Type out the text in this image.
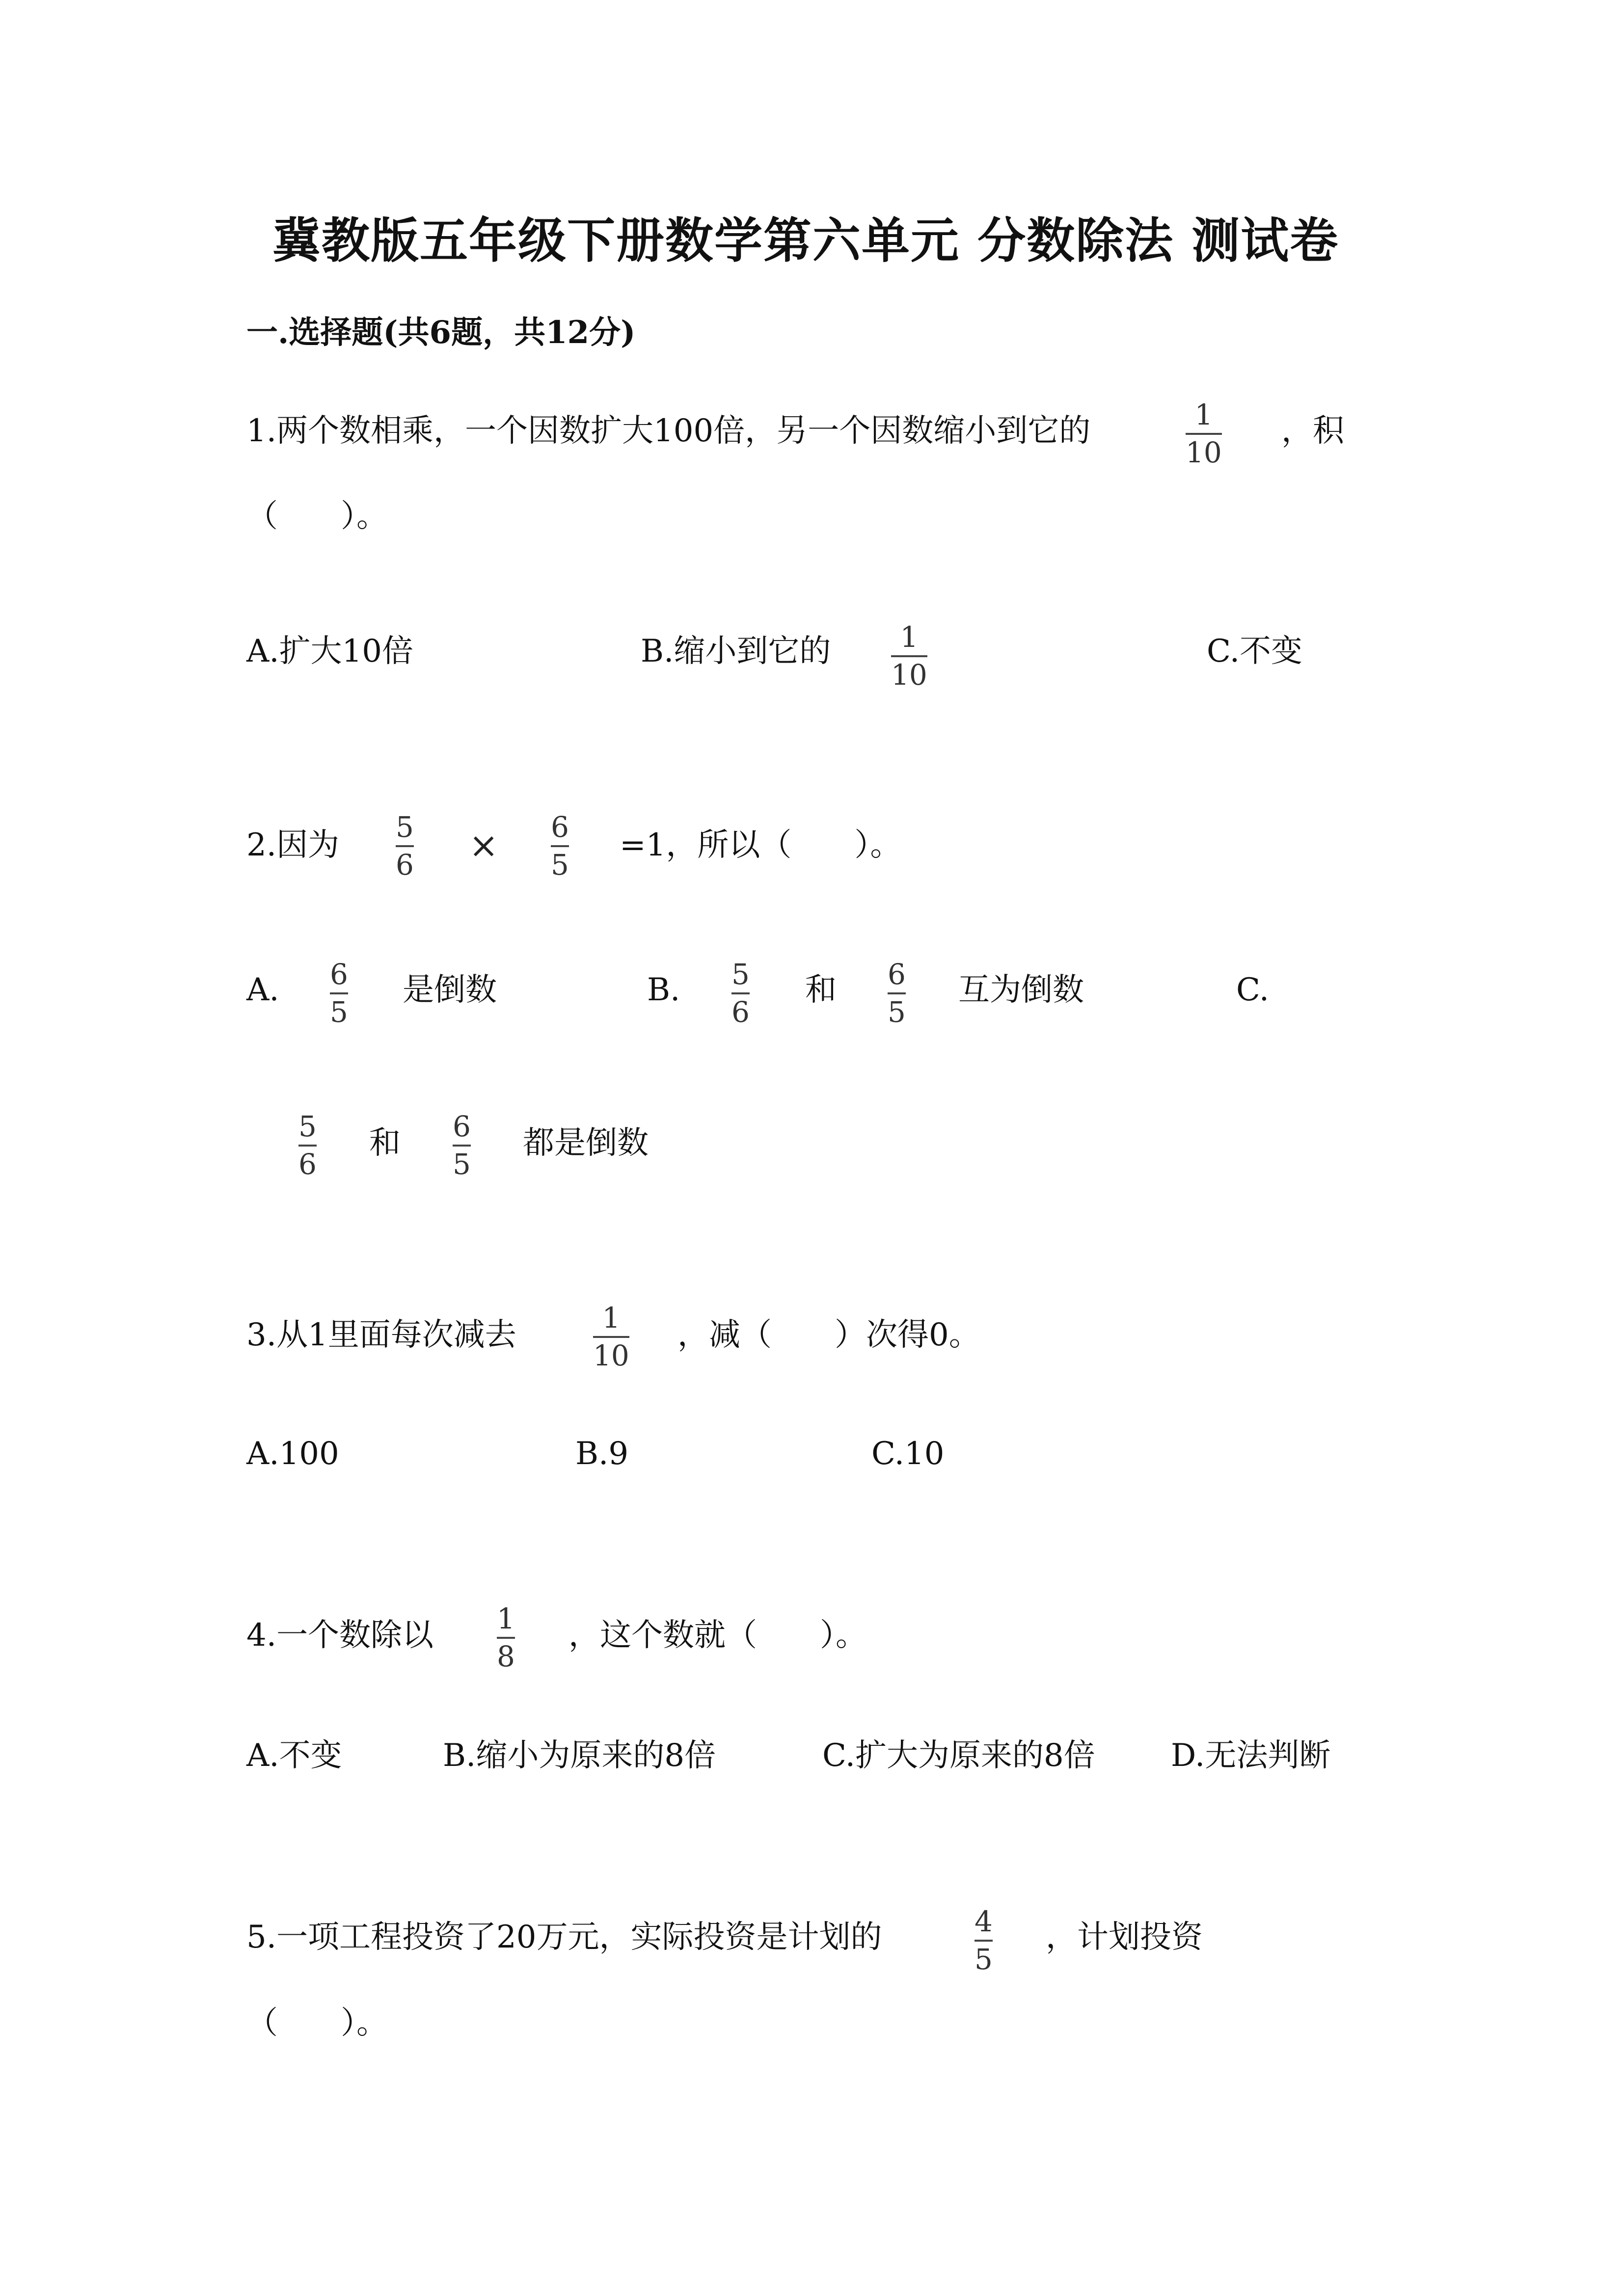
冀教版五年级下册数学第六单元 分数除法 测试卷
一.选择题(共6题，共12分)
1.两个数相乘，一个因数扩大100倍，另一个因数缩小到它的	1
10
，积
（　　）。
A.扩大10倍	B.缩小到它的 1
10
C.不变
2.因为 5
6 × 6
5
=1，所以（　　）。
A. 6
5
是倒数	B. 5
6
和 6
5
互为倒数	C.
5
6
和 6
5
都是倒数
3.从1里面每次减去	1
10
，减（　　）次得0。
A.100	B.9	C.10
4.一个数除以 1
8
，这个数就（　　）。
A.不变	B.缩小为原来的8倍	C.扩大为原来的8倍 D.无法判断
5.一项工程投资了20万元，实际投资是计划的	4
5
，计划投资
（　　）。
